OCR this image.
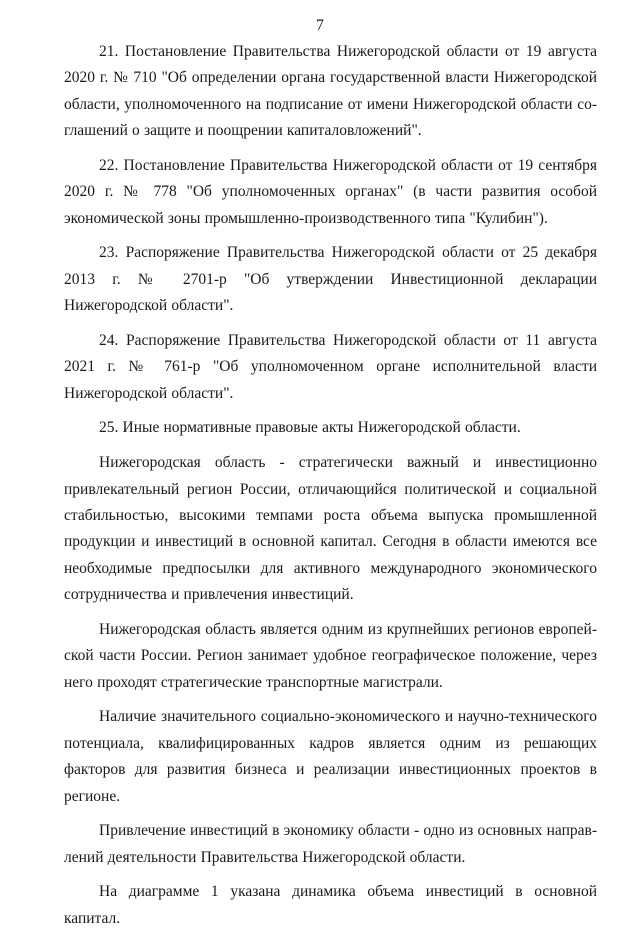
7

21. Постановление Правительства Нижегородской области от 19 августа 2020 г. № 710 "Об определении органа государственной власти Нижегородской области, уполномоченного на подписание от имени Нижегородской области соглашений о защите и поощрении капиталовложений".

22. Постановление Правительства Нижегородской области от 19 сентября 2020 г. № 778 "Об уполномоченных органах" (в части развития особой экономической зоны промышленно-производственного типа "Кулибин").

23. Распоряжение Правительства Нижегородской области от 25 декабря 2013 г. № 2701-р "Об утверждении Инвестиционной декларации Нижегородской области".

24. Распоряжение Правительства Нижегородской области от 11 августа 2021 г. № 761-р "Об уполномоченном органе исполнительной власти Нижегородской области".

25. Иные нормативные правовые акты Нижегородской области.

Нижегородская область - стратегически важный и инвестиционно привлекательный регион России, отличающийся политической и социальной стабильностью, высокими темпами роста объема выпуска промышленной продукции и инвестиций в основной капитал. Сегодня в области имеются все необходимые предпосылки для активного международного экономического сотрудничества и привлечения инвестиций.

Нижегородская область является одним из крупнейших регионов европейской части России. Регион занимает удобное географическое положение, через него проходят стратегические транспортные магистрали.

Наличие значительного социально-экономического и научно-технического потенциала, квалифицированных кадров является одним из решающих факторов для развития бизнеса и реализации инвестиционных проектов в регионе.

Привлечение инвестиций в экономику области - одно из основных направлений деятельности Правительства Нижегородской области.

На диаграмме 1 указана динамика объема инвестиций в основной капитал.
